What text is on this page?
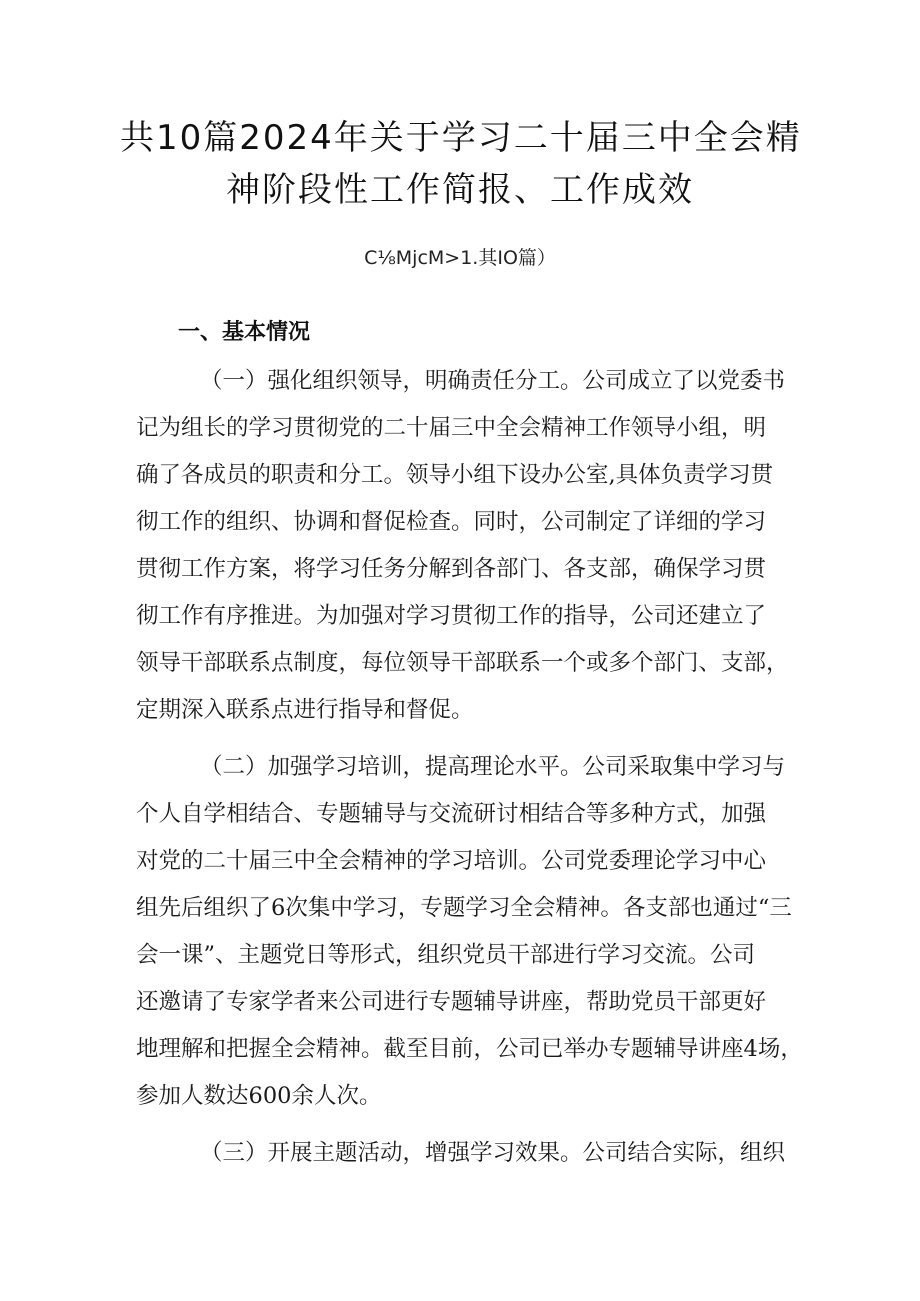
共10篇2024年关于学习二十届三中全会精
神阶段性工作简报、工作成效
C⅛MjcM>1.其IO篇）
一、基本情况
（一）强化组织领导，明确责任分工。公司成立了以党委书
记为组长的学习贯彻党的二十届三中全会精神工作领导小组，明
确了各成员的职责和分工。领导小组下设办公室,具体负责学习贯
彻工作的组织、协调和督促检查。同时，公司制定了详细的学习
贯彻工作方案，将学习任务分解到各部门、各支部，确保学习贯
彻工作有序推进。为加强对学习贯彻工作的指导，公司还建立了
领导干部联系点制度，每位领导干部联系一个或多个部门、支部，
定期深入联系点进行指导和督促。
（二）加强学习培训，提高理论水平。公司采取集中学习与
个人自学相结合、专题辅导与交流研讨相结合等多种方式，加强
对党的二十届三中全会精神的学习培训。公司党委理论学习中心
组先后组织了6次集中学习，专题学习全会精神。各支部也通过“三
会一课”、主题党日等形式，组织党员干部进行学习交流。公司
还邀请了专家学者来公司进行专题辅导讲座，帮助党员干部更好
地理解和把握全会精神。截至目前，公司已举办专题辅导讲座4场，
参加人数达600余人次。
（三）开展主题活动，增强学习效果。公司结合实际，组织
